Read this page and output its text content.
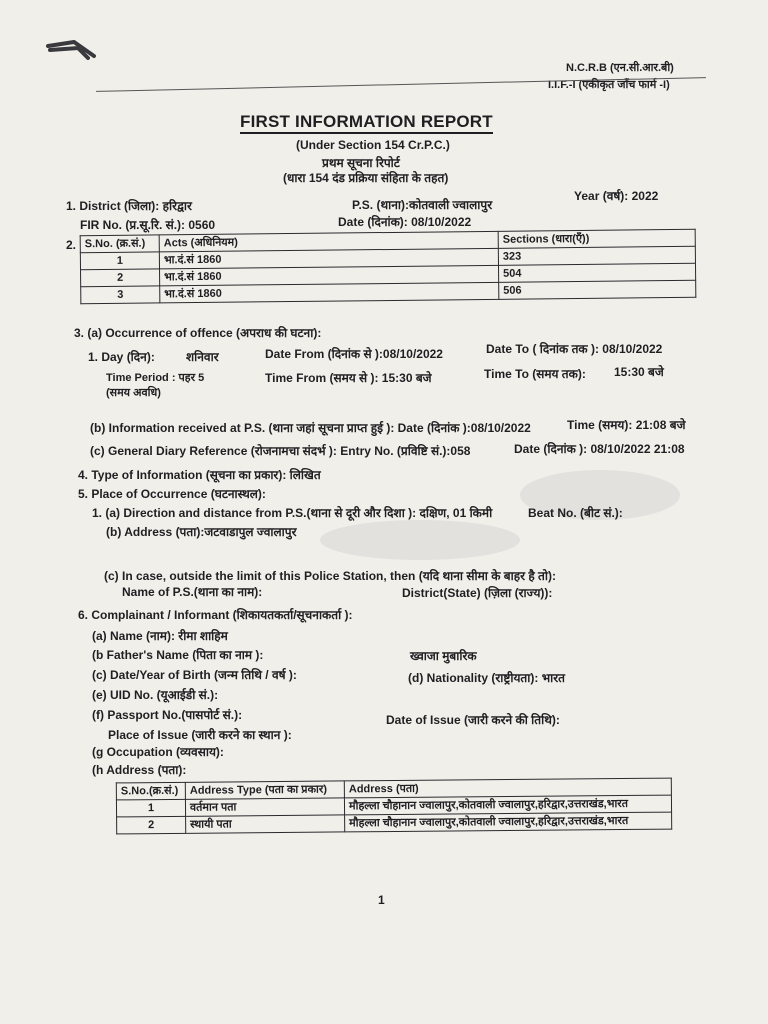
N.C.R.B (एन.सी.आर.बी)
I.I.F.-I (एकीकृत जाँच फार्म -I)
FIRST INFORMATION REPORT
(Under Section 154 Cr.P.C.)
प्रथम सूचना रिपोर्ट
(धारा 154 दंड प्रक्रिया संहिता के तहत)
1. District (जिला): हरिद्वार	P.S. (थाना):कोतवाली ज्वालापुर
Year (वर्ष): 2022
FIR No. (प्र.सू.रि. सं.): 0560	Date (दिनांक): 08/10/2022
2. S.No. (क्र.सं.)	Acts (अधिनियम)	Sections (धारा(एँ))
1	भा.दं.सं 1860	323
2	भा.दं.सं 1860	504
3	भा.दं.सं 1860	506
3. (a) Occurrence of offence (अपराध की घटना):
1. Day (दिन):	शनिवार	Date From (दिनांक से ):08/10/2022	Date To ( दिनांक तक ): 08/10/2022
Time Period : पहर 5
(समय अवधि)
Time From (समय से ): 15:30 बजे	Time To (समय तक): 15:30 बजे
(b) Information received at P.S. (थाना जहां सूचना प्राप्त हुई ): Date (दिनांक ):08/10/2022	Time (समय): 21:08 बजे
(c) General Diary Reference (रोजनामचा संदर्भ ): Entry No. (प्रविष्टि सं.):058	Date (दिनांक ): 08/10/2022 21:08
4. Type of Information (सूचना का प्रकार): लिखित
5. Place of Occurrence (घटनास्थल):
1. (a) Direction and distance from P.S.(थाना से दूरी और दिशा ): दक्षिण, 01 किमी	Beat No. (बीट सं.):
(b) Address (पता):जटवाडापुल ज्वालापुर
(c) In case, outside the limit of this Police Station, then (यदि थाना सीमा के बाहर है तो):
Name of P.S.(थाना का नाम):	District(State) (ज़िला (राज्य)):
6. Complainant / Informant (शिकायतकर्ता/सूचनाकर्ता ):
(a) Name (नाम): रीमा शाहिम
(b Father's Name (पिता का नाम ):	ख्वाजा मुबारिक
(c) Date/Year of Birth (जन्म तिथि / वर्ष ):	(d) Nationality (राष्ट्रीयता): भारत
(e) UID No. (यूआईडी सं.):
(f) Passport No.(पासपोर्ट सं.):	Date of Issue (जारी करने की तिथि):
Place of Issue (जारी करने का स्थान ):
(g Occupation (व्यवसाय):
(h Address (पता):
S.No.(क्र.सं.)	Address Type (पता का प्रकार)	Address (पता)
1	वर्तमान पता	मौहल्ला चौहानान ज्वालापुर,कोतवाली ज्वालापुर,हरिद्वार,उत्तराखंड,भारत
2	स्थायी पता	मौहल्ला चौहानान ज्वालापुर,कोतवाली ज्वालापुर,हरिद्वार,उत्तराखंड,भारत
1
